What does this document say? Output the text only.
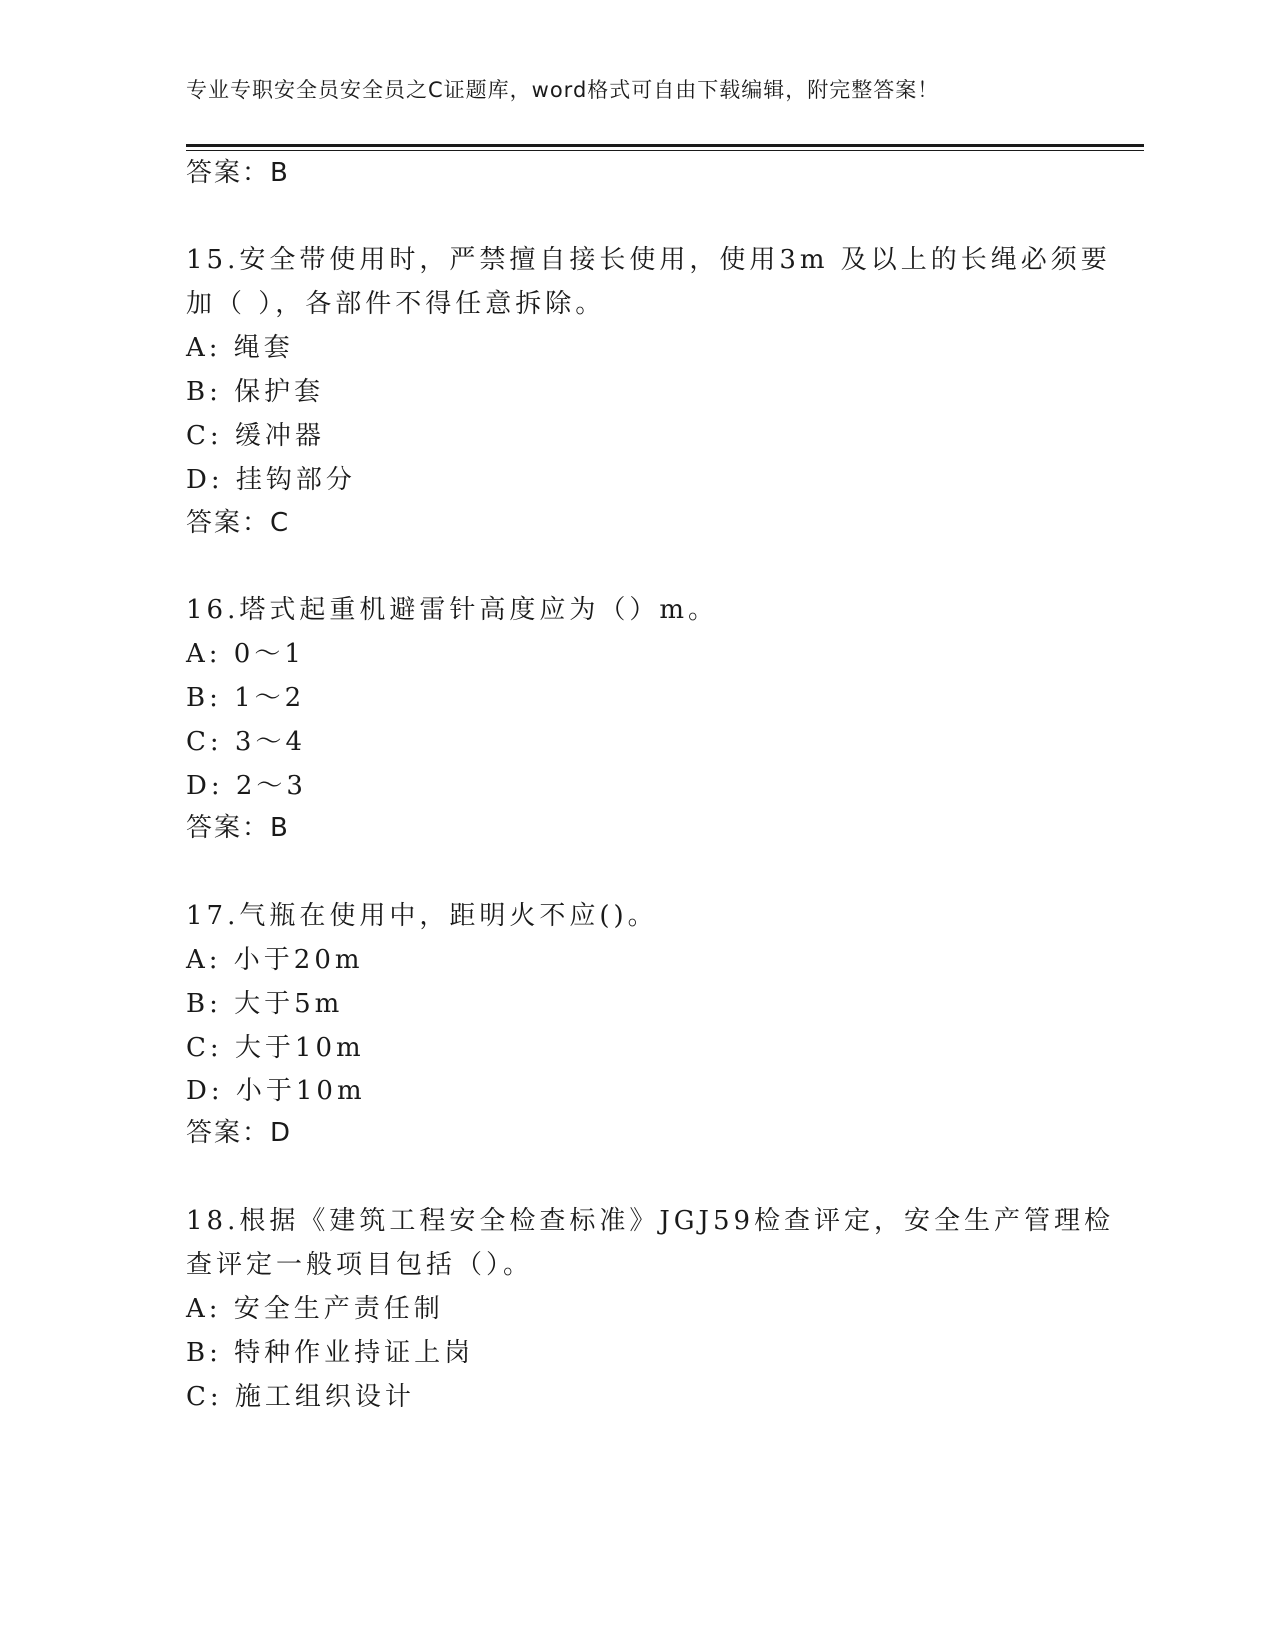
专业专职安全员安全员之C证题库，word格式可自由下载编辑，附完整答案！
答案：B
15.安全带使用时，严禁擅自接长使用，使用3m 及以上的长绳必须要
加（ ），各部件不得任意拆除。
A: 绳套
B: 保护套
C: 缓冲器
D: 挂钩部分
答案：C
16.塔式起重机避雷针高度应为（）m。
A: 0～1
B: 1～2
C: 3～4
D: 2～3
答案：B
17.气瓶在使用中，距明火不应()。
A: 小于20m
B: 大于5m
C: 大于10m
D: 小于10m
答案：D
18.根据《建筑工程安全检查标准》JGJ59检查评定，安全生产管理检
查评定一般项目包括（）。
A: 安全生产责任制
B: 特种作业持证上岗
C: 施工组织设计
